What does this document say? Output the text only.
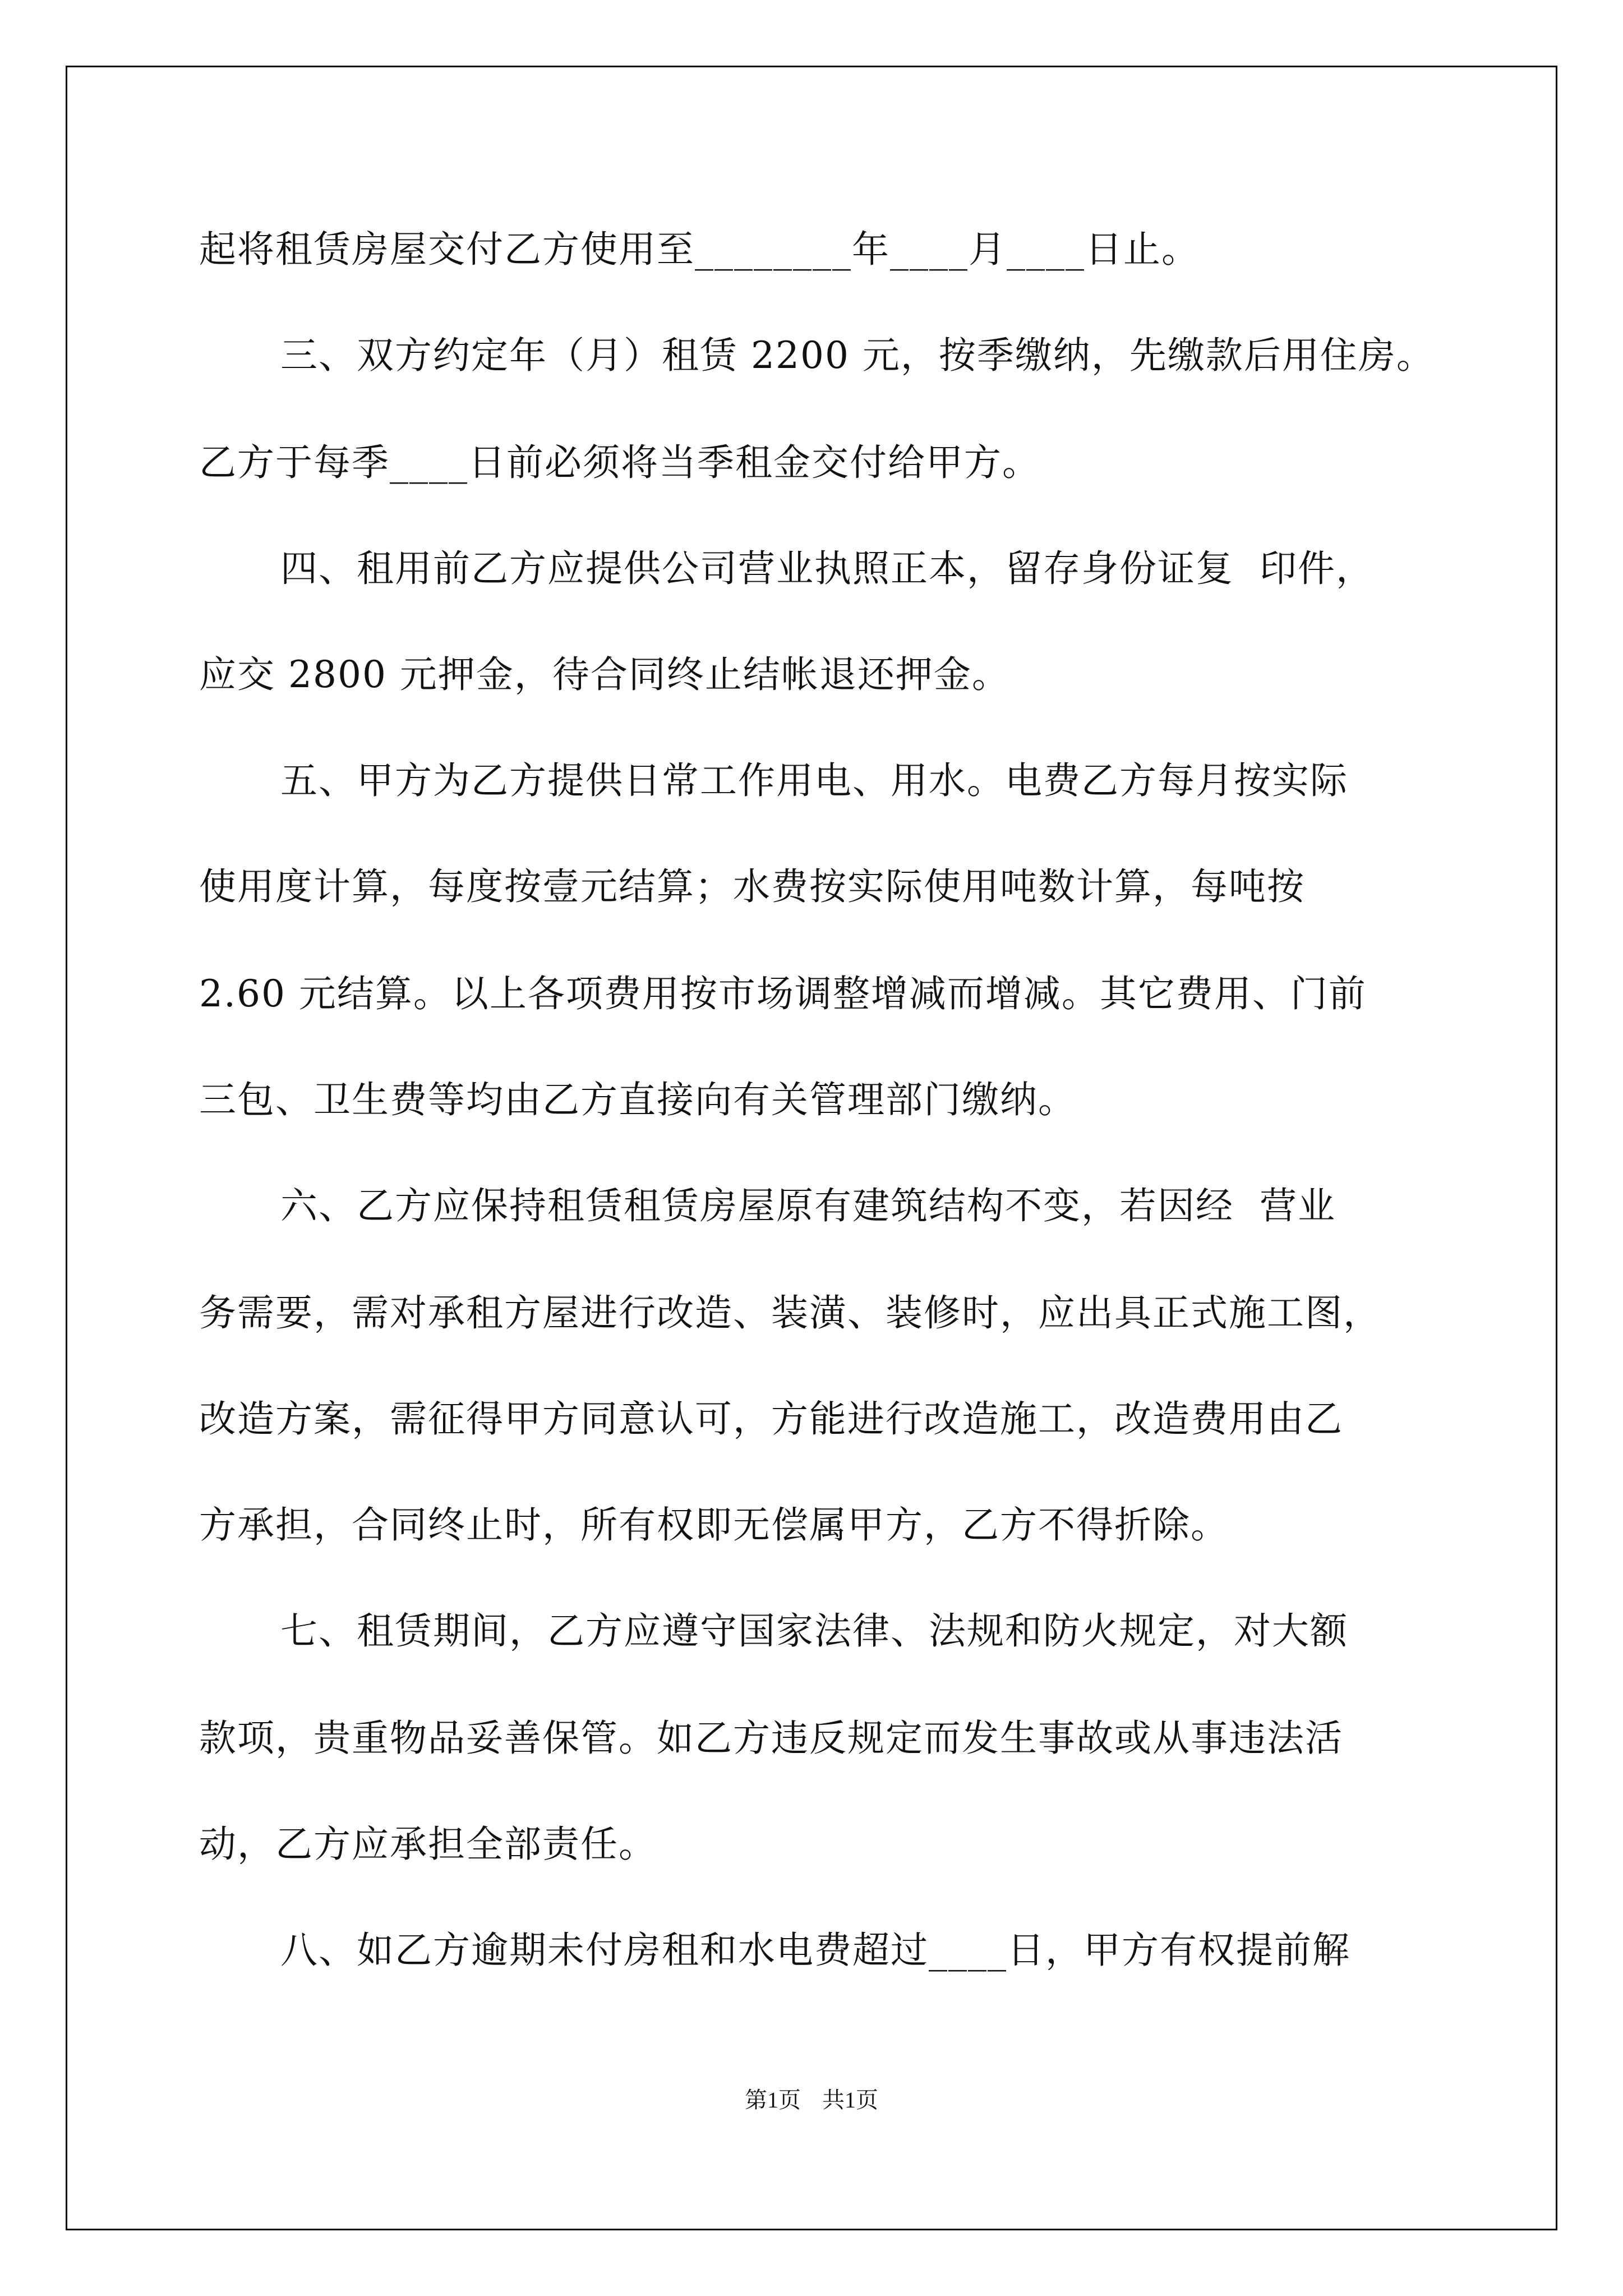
起将租赁房屋交付乙方使用至________年____月____日止。
三、双方约定年（月）租赁 2200 元，按季缴纳，先缴款后用住房。
乙方于每季____日前必须将当季租金交付给甲方。
四、租用前乙方应提供公司营业执照正本，留存身份证复  印件，
应交 2800 元押金，待合同终止结帐退还押金。
五、甲方为乙方提供日常工作用电、用水。电费乙方每月按实际
使用度计算，每度按壹元结算；水费按实际使用吨数计算，每吨按
2.60 元结算。以上各项费用按市场调整增减而增减。其它费用、门前
三包、卫生费等均由乙方直接向有关管理部门缴纳。
六、乙方应保持租赁租赁房屋原有建筑结构不变，若因经  营业
务需要，需对承租方屋进行改造、装潢、装修时，应出具正式施工图，
改造方案，需征得甲方同意认可，方能进行改造施工，改造费用由乙
方承担，合同终止时，所有权即无偿属甲方，乙方不得折除。
七、租赁期间，乙方应遵守国家法律、法规和防火规定，对大额
款项，贵重物品妥善保管。如乙方违反规定而发生事故或从事违法活
动，乙方应承担全部责任。
八、如乙方逾期未付房租和水电费超过____日，甲方有权提前解
第1页 共1页
